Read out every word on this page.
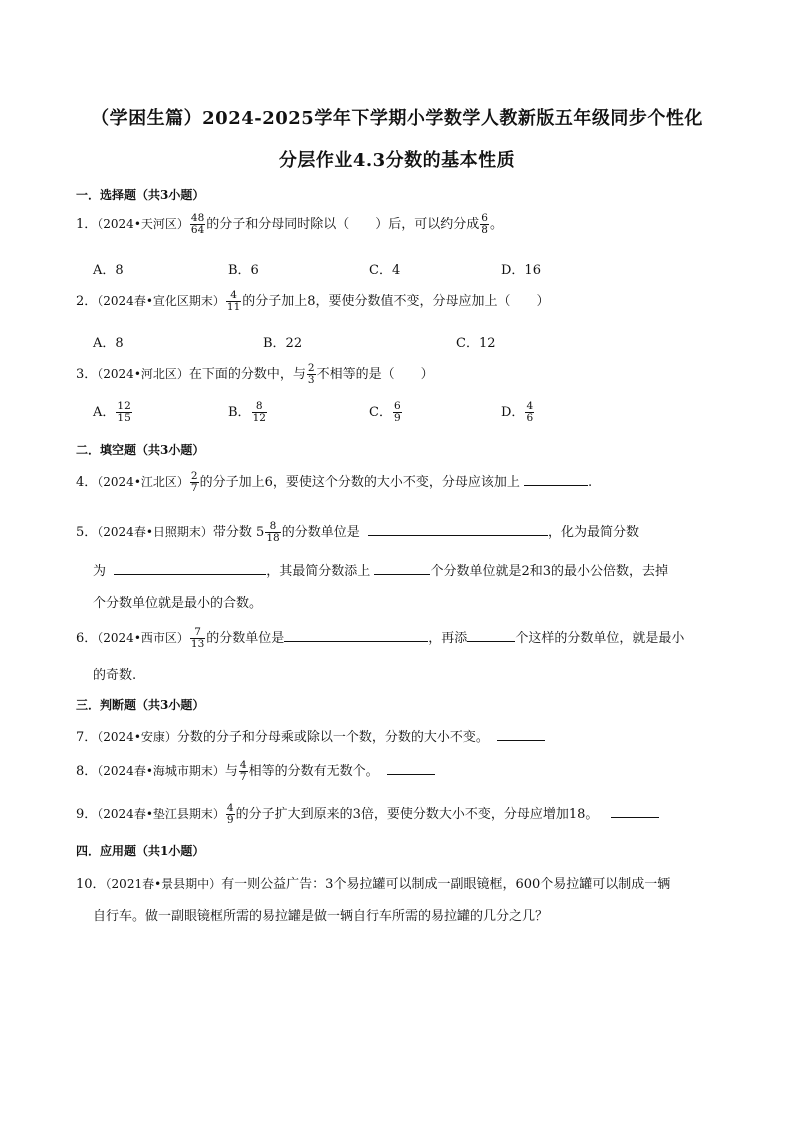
（学困生篇）2024-2025学年下学期小学数学人教新版五年级同步个性化
分层作业4.3分数的基本性质
一．选择题（共3小题）
1．（2024•天河区） $\frac{48}{64}$ 的分子和分母同时除以（　　）后，可以约分成 $\frac{6}{8}$ 。
A．8	B．6	C．4	D．16
2．（2024春•宣化区期末） $\frac{4}{11}$ 的分子加上8，要使分数值不变，分母应加上（　　）
A．8	B．22	C．12
3．（2024•河北区）在下面的分数中，与 $\frac{2}{3}$ 不相等的是（　　）
A． $\frac{12}{15}$	B． $\frac{8}{12}$	C． $\frac{6}{9}$	D． $\frac{4}{6}$
二．填空题（共3小题）
4．（2024•江北区） $\frac{2}{7}$ 的分子加上6，要使这个分数的大小不变，分母应该加上	.
5．（2024春•日照期末）带分数 $5 \frac{8}{18}$ 的分数单位是	，化为最简分数
为	，其最简分数添上	个分数单位就是2和3的最小公倍数，去掉
个分数单位就是最小的合数。
6．（2024•西市区） $\frac{7}{13}$ 的分数单位是	，再添	个这样的分数单位，就是最小
的奇数.
三．判断题（共3小题）
7．（2024•安康）分数的分子和分母乘或除以一个数，分数的大小不变。
8．（2024春•海城市期末）与 $\frac{4}{7}$ 相等的分数有无数个。
9．（2024春•垫江县期末） $\frac{4}{9}$ 的分子扩大到原来的3倍，要使分数大小不变，分母应增加18。
四．应用题（共1小题）
10．（2021春•景县期中）有一则公益广告：3个易拉罐可以制成一副眼镜框，600个易拉罐可以制成一辆
自行车。做一副眼镜框所需的易拉罐是做一辆自行车所需的易拉罐的几分之几？
